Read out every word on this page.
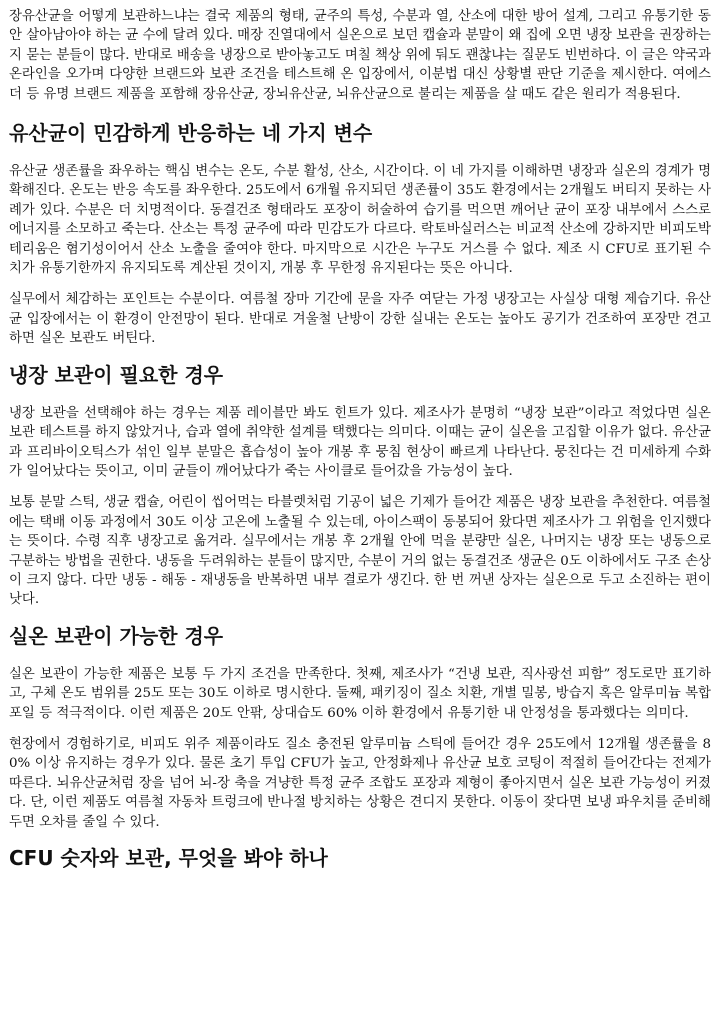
장유산균을 어떻게 보관하느냐는 결국 제품의 형태, 균주의 특성, 수분과 열, 산소에 대한 방어 설계, 그리고 유통기한 동안 살아남아야 하는 균 수에 달려 있다. 매장 진열대에서 실온으로 보던 캡슐과 분말이 왜 집에 오면 냉장 보관을 권장하는지 묻는 분들이 많다. 반대로 배송을 냉장으로 받아놓고도 며칠 책상 위에 둬도 괜찮냐는 질문도 빈번하다. 이 글은 약국과 온라인을 오가며 다양한 브랜드와 보관 조건을 테스트해 온 입장에서, 이분법 대신 상황별 판단 기준을 제시한다. 여에스더 등 유명 브랜드 제품을 포함해 장유산균, 장뇌유산균, 뇌유산균으로 불리는 제품을 살 때도 같은 원리가 적용된다.

유산균이 민감하게 반응하는 네 가지 변수

유산균 생존률을 좌우하는 핵심 변수는 온도, 수분 활성, 산소, 시간이다. 이 네 가지를 이해하면 냉장과 실온의 경계가 명확해진다. 온도는 반응 속도를 좌우한다. 25도에서 6개월 유지되던 생존률이 35도 환경에서는 2개월도 버티지 못하는 사례가 있다. 수분은 더 치명적이다. 동결건조 형태라도 포장이 허술하여 습기를 먹으면 깨어난 균이 포장 내부에서 스스로 에너지를 소모하고 죽는다. 산소는 특정 균주에 따라 민감도가 다르다. 락토바실러스는 비교적 산소에 강하지만 비피도박테리움은 혐기성이어서 산소 노출을 줄여야 한다. 마지막으로 시간은 누구도 거스를 수 없다. 제조 시 CFU로 표기된 수치가 유통기한까지 유지되도록 계산된 것이지, 개봉 후 무한정 유지된다는 뜻은 아니다.

실무에서 체감하는 포인트는 수분이다. 여름철 장마 기간에 문을 자주 여닫는 가정 냉장고는 사실상 대형 제습기다. 유산균 입장에서는 이 환경이 안전망이 된다. 반대로 겨울철 난방이 강한 실내는 온도는 높아도 공기가 건조하여 포장만 견고하면 실온 보관도 버틴다.

냉장 보관이 필요한 경우

냉장 보관을 선택해야 하는 경우는 제품 레이블만 봐도 힌트가 있다. 제조사가 분명히 “냉장 보관”이라고 적었다면 실온 보관 테스트를 하지 않았거나, 습과 열에 취약한 설계를 택했다는 의미다. 이때는 균이 실온을 고집할 이유가 없다. 유산균과 프리바이오틱스가 섞인 일부 분말은 흡습성이 높아 개봉 후 뭉침 현상이 빠르게 나타난다. 뭉친다는 건 미세하게 수화가 일어났다는 뜻이고, 이미 균들이 깨어났다가 죽는 사이클로 들어갔을 가능성이 높다.

보통 분말 스틱, 생균 캡슐, 어린이 씹어먹는 타블렛처럼 기공이 넓은 기제가 들어간 제품은 냉장 보관을 추천한다. 여름철에는 택배 이동 과정에서 30도 이상 고온에 노출될 수 있는데, 아이스팩이 동봉되어 왔다면 제조사가 그 위험을 인지했다는 뜻이다. 수령 직후 냉장고로 옮겨라. 실무에서는 개봉 후 2개월 안에 먹을 분량만 실온, 나머지는 냉장 또는 냉동으로 구분하는 방법을 권한다. 냉동을 두려워하는 분들이 많지만, 수분이 거의 없는 동결건조 생균은 0도 이하에서도 구조 손상이 크지 않다. 다만 냉동 - 해동 - 재냉동을 반복하면 내부 결로가 생긴다. 한 번 꺼낸 상자는 실온으로 두고 소진하는 편이 낫다.

실온 보관이 가능한 경우

실온 보관이 가능한 제품은 보통 두 가지 조건을 만족한다. 첫째, 제조사가 “건냉 보관, 직사광선 피함” 정도로만 표기하고, 구체 온도 범위를 25도 또는 30도 이하로 명시한다. 둘째, 패키징이 질소 치환, 개별 밀봉, 방습지 혹은 알루미늄 복합 포일 등 적극적이다. 이런 제품은 20도 안팎, 상대습도 60% 이하 환경에서 유통기한 내 안정성을 통과했다는 의미다.

현장에서 경험하기로, 비피도 위주 제품이라도 질소 충전된 알루미늄 스틱에 들어간 경우 25도에서 12개월 생존률을 80% 이상 유지하는 경우가 있다. 물론 초기 투입 CFU가 높고, 안정화제나 유산균 보호 코팅이 적절히 들어간다는 전제가 따른다. 뇌유산균처럼 장을 넘어 뇌-장 축을 겨냥한 특정 균주 조합도 포장과 제형이 좋아지면서 실온 보관 가능성이 커졌다. 단, 이런 제품도 여름철 자동차 트렁크에 반나절 방치하는 상황은 견디지 못한다. 이동이 잦다면 보냉 파우치를 준비해 두면 오차를 줄일 수 있다.

CFU 숫자와 보관, 무엇을 봐야 하나
